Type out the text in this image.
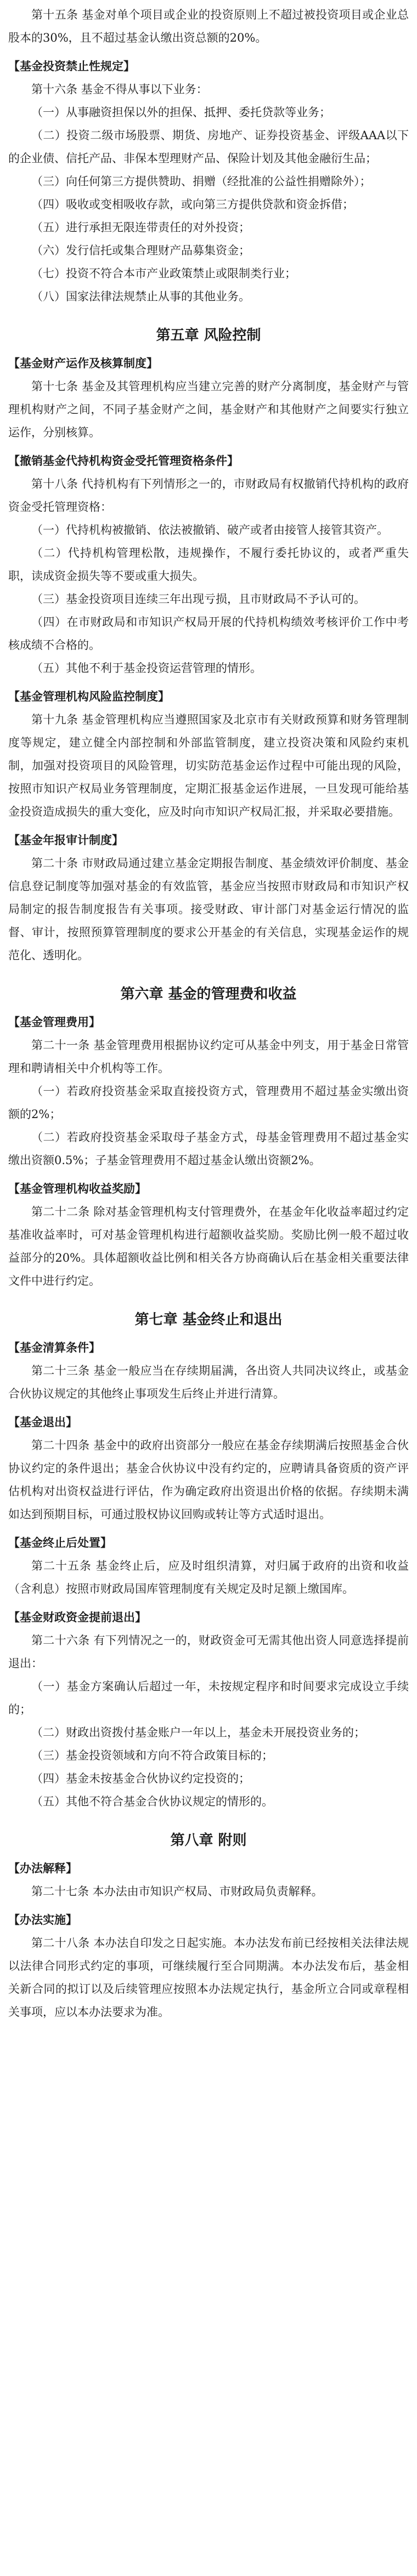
第十五条 基金对单个项目或企业的投资原则上不超过被投资项目或企业总股本的30%，且不超过基金认缴出资总额的20%。
【基金投资禁止性规定】
第十六条 基金不得从事以下业务：
（一）从事融资担保以外的担保、抵押、委托贷款等业务；
（二）投资二级市场股票、期货、房地产、证券投资基金、评级AAA以下的企业债、信托产品、非保本型理财产品、保险计划及其他金融衍生品；
（三）向任何第三方提供赞助、捐赠（经批准的公益性捐赠除外）；
（四）吸收或变相吸收存款，或向第三方提供贷款和资金拆借；
（五）进行承担无限连带责任的对外投资；
（六）发行信托或集合理财产品募集资金；
（七）投资不符合本市产业政策禁止或限制类行业；
（八）国家法律法规禁止从事的其他业务。
第五章 风险控制
【基金财产运作及核算制度】
第十七条 基金及其管理机构应当建立完善的财产分离制度，基金财产与管理机构财产之间，不同子基金财产之间，基金财产和其他财产之间要实行独立运作，分别核算。
【撤销基金代持机构资金受托管理资格条件】
第十八条 代持机构有下列情形之一的，市财政局有权撤销代持机构的政府资金受托管理资格：
（一）代持机构被撤销、依法被撤销、破产或者由接管人接管其资产。
（二）代持机构管理松散，违规操作，不履行委托协议的，或者严重失职，读成资金损失等不要或重大损失。
（三）基金投资项目连续三年出现亏损，且市财政局不予认可的。
（四）在市财政局和市知识产权局开展的代持机构绩效考核评价工作中考核成绩不合格的。
（五）其他不利于基金投资运营管理的情形。
【基金管理机构风险监控制度】
第十九条 基金管理机构应当遵照国家及北京市有关财政预算和财务管理制度等规定，建立健全内部控制和外部监管制度，建立投资决策和风险约束机制，加强对投资项目的风险管理，切实防范基金运作过程中可能出现的风险，按照市知识产权局业务管理制度，定期汇报基金运作进展，一旦发现可能给基金投资造成损失的重大变化，应及时向市知识产权局汇报，并采取必要措施。
【基金年报审计制度】
第二十条 市财政局通过建立基金定期报告制度、基金绩效评价制度、基金信息登记制度等加强对基金的有效监管，基金应当按照市财政局和市知识产权局制定的报告制度报告有关事项。接受财政、审计部门对基金运行情况的监督、审计，按照预算管理制度的要求公开基金的有关信息，实现基金运作的规范化、透明化。
第六章 基金的管理费和收益
【基金管理费用】
第二十一条 基金管理费用根据协议约定可从基金中列支，用于基金日常管理和聘请相关中介机构等工作。
（一）若政府投资基金采取直接投资方式，管理费用不超过基金实缴出资额的2%；
（二）若政府投资基金采取母子基金方式，母基金管理费用不超过基金实缴出资额0.5%；子基金管理费用不超过基金认缴出资额2%。
【基金管理机构收益奖励】
第二十二条 除对基金管理机构支付管理费外，在基金年化收益率超过约定基准收益率时，可对基金管理机构进行超额收益奖励。奖励比例一般不超过收益部分的20%。具体超额收益比例和相关各方协商确认后在基金相关重要法律文件中进行约定。
第七章 基金终止和退出
【基金清算条件】
第二十三条 基金一般应当在存续期届满，各出资人共同决议终止，或基金合伙协议规定的其他终止事项发生后终止并进行清算。
【基金退出】
第二十四条 基金中的政府出资部分一般应在基金存续期满后按照基金合伙协议约定的条件退出；基金合伙协议中没有约定的，应聘请具备资质的资产评估机构对出资权益进行评估，作为确定政府出资退出价格的依据。存续期未满如达到预期目标，可通过股权协议回购或转让等方式适时退出。
【基金终止后处置】
第二十五条 基金终止后，应及时组织清算，对归属于政府的出资和收益（含利息）按照市财政局国库管理制度有关规定及时足额上缴国库。
【基金财政资金提前退出】
第二十六条 有下列情况之一的，财政资金可无需其他出资人同意选择提前退出：
（一）基金方案确认后超过一年，未按规定程序和时间要求完成设立手续的；
（二）财政出资拨付基金账户一年以上，基金未开展投资业务的；
（三）基金投资领域和方向不符合政策目标的；
（四）基金未按基金合伙协议约定投资的；
（五）其他不符合基金合伙协议规定的情形的。
第八章 附则
【办法解释】
第二十七条 本办法由市知识产权局、市财政局负责解释。
【办法实施】
第二十八条 本办法自印发之日起实施。本办法发布前已经按相关法律法规以法律合同形式约定的事项，可继续履行至合同期满。本办法发布后，基金相关新合同的拟订以及后续管理应按照本办法规定执行，基金所立合同或章程相关事项，应以本办法要求为准。
